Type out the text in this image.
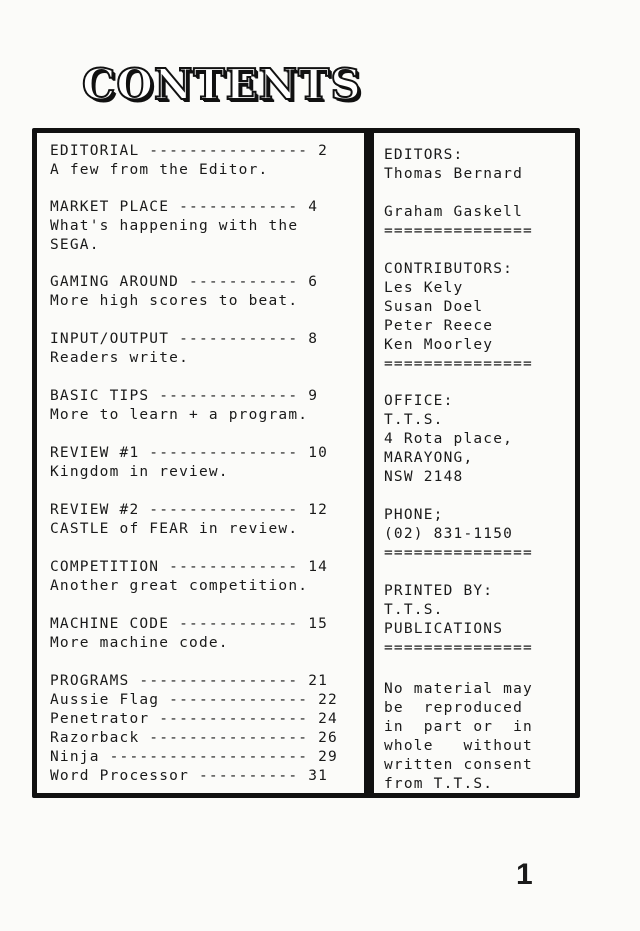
CONTENTS
EDITORIAL ---------------- 2
A few from the Editor.
MARKET PLACE ------------ 4
What's happening with the
SEGA.
GAMING AROUND ----------- 6
More high scores to beat.
INPUT/OUTPUT ------------ 8
Readers write.
BASIC TIPS -------------- 9
More to learn + a program.
REVIEW #1 --------------- 10
Kingdom in review.
REVIEW #2 --------------- 12
CASTLE of FEAR in review.
COMPETITION ------------- 14
Another great competition.
MACHINE CODE ------------ 15
More machine code.
PROGRAMS ---------------- 21
Aussie Flag -------------- 22
Penetrator --------------- 24
Razorback ---------------- 26
Ninja -------------------- 29
Word Processor ---------- 31
EDITORS:
Thomas Bernard
Graham Gaskell
===============
CONTRIBUTORS:
Les Kely
Susan Doel
Peter Reece
Ken Moorley
===============
OFFICE:
T.T.S.
4 Rota place,
MARAYONG,
NSW 2148
PHONE;
(02) 831-1150
===============
PRINTED BY:
T.T.S.
PUBLICATIONS
===============
No material may
be  reproduced
in  part or  in
whole   without
written consent
from T.T.S.
1
